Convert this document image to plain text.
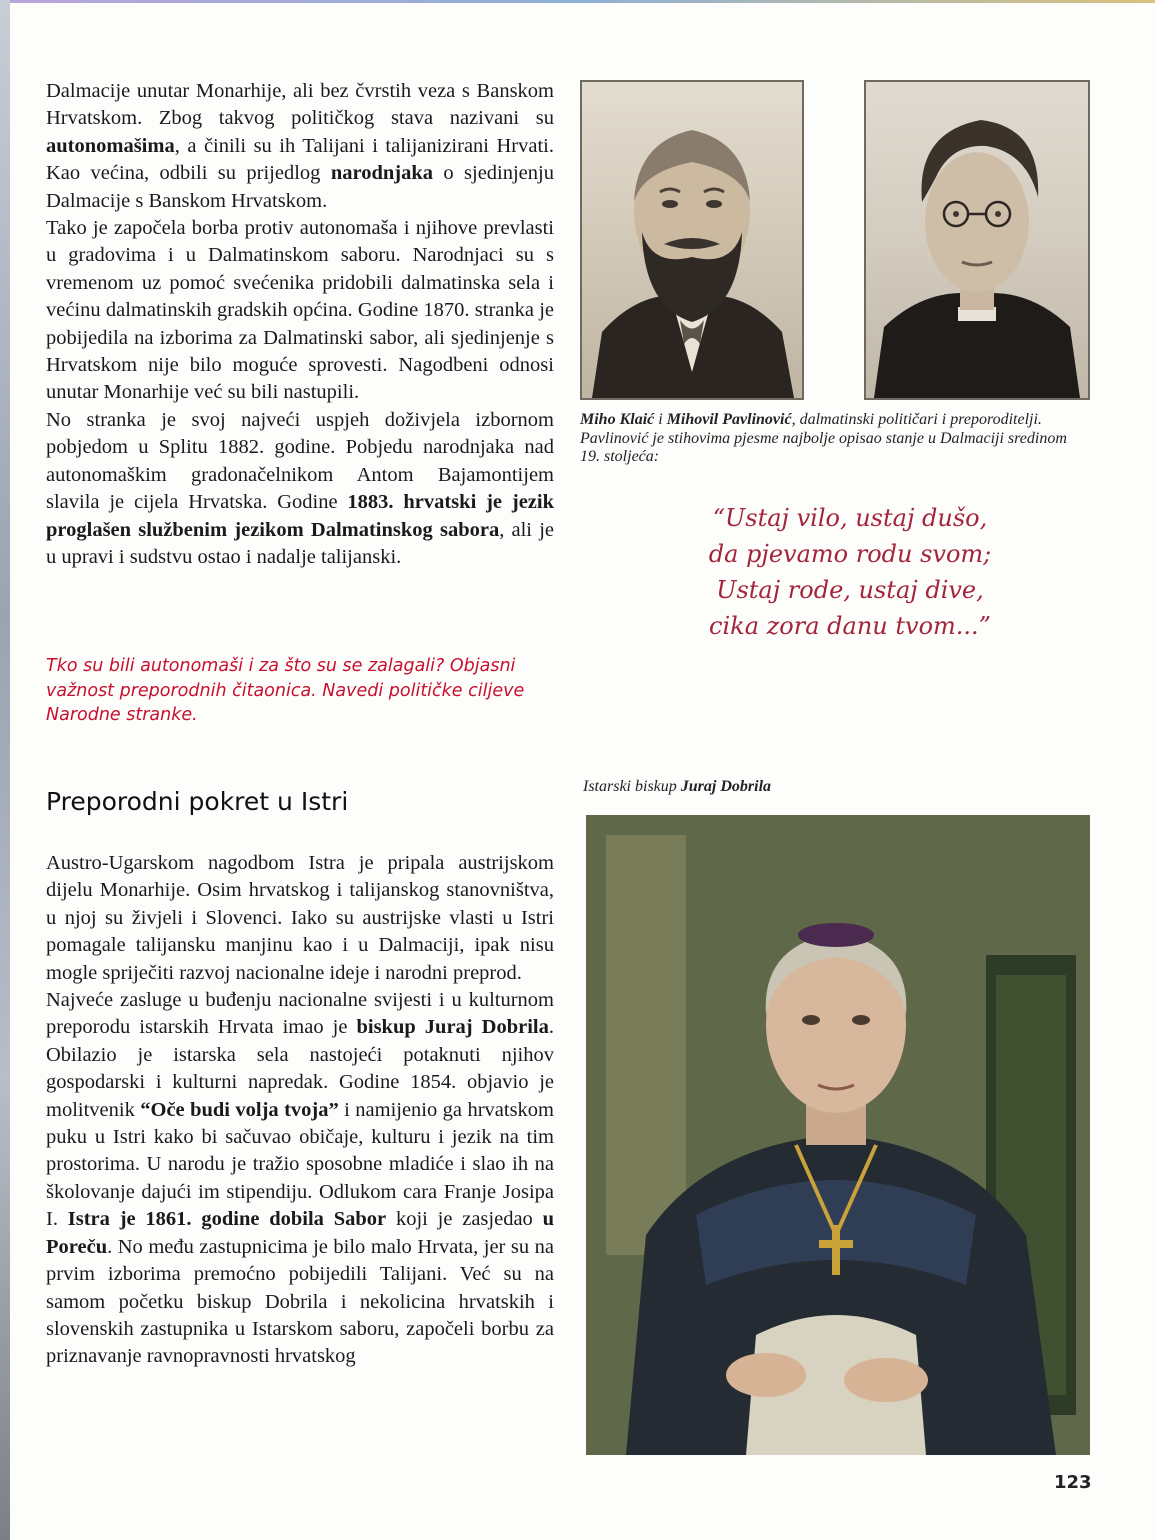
Dalmacije unutar Monarhije, ali bez čvrstih veza s Banskom Hrvatskom. Zbog takvog političkog stava nazivani su autonomašima, a činili su ih Talijani i talijanizirani Hrvati. Kao većina, odbili su prijedlog narodnjaka o sjedinjenju Dalmacije s Banskom Hrvatskom.

Tako je započela borba protiv autonomaša i njihove prevlasti u gradovima i u Dalmatinskom saboru. Narodnjaci su s vremenom uz pomoć svećenika pridobili dalmatinska sela i većinu dalmatinskih gradskih općina. Godine 1870. stranka je pobijedila na izborima za Dalmatinski sabor, ali sjedinjenje s Hrvatskom nije bilo moguće sprovesti. Nagodbeni odnosi unutar Monarhije već su bili nastupili.

No stranka je svoj najveći uspjeh doživjela izbornom pobjedom u Splitu 1882. godine. Pobjedu narodnjaka nad autonomaškim gradonačelnikom Antom Bajamontijem slavila je cijela Hrvatska. Godine 1883. hrvatski je jezik proglašen službenim jezikom Dalmatinskog sabora, ali je u upravi i sudstvu ostao i nadalje talijanski.

Tko su bili autonomaši i za što su se zalagali? Objasni važnost preporodnih čitaonica. Navedi političke ciljeve Narodne stranke.

Preporodni pokret u Istri

Austro-Ugarskom nagodbom Istra je pripala austrijskom dijelu Monarhije. Osim hrvatskog i talijanskog stanovništva, u njoj su živjeli i Slovenci. Iako su austrijske vlasti u Istri pomagale talijansku manjinu kao i u Dalmaciji, ipak nisu mogle spriječiti razvoj nacionalne ideje i narodni preprod.

Najveće zasluge u buđenju nacionalne svijesti i u kulturnom preporodu istarskih Hrvata imao je biskup Juraj Dobrila. Obilazio je istarska sela nastojeći potaknuti njihov gospodarski i kulturni napredak. Godine 1854. objavio je molitvenik “Oče budi volja tvoja” i namijenio ga hrvatskom puku u Istri kako bi sačuvao običaje, kulturu i jezik na tim prostorima. U narodu je tražio sposobne mladiće i slao ih na školovanje dajući im stipendiju. Odlukom cara Franje Josipa I. Istra je 1861. godine dobila Sabor koji je zasjedao u Poreču. No među zastupnicima je bilo malo Hrvata, jer su na prvim izborima premoćno pobijedili Talijani. Već su na samom početku biskup Dobrila i nekolicina hrvatskih i slovenskih zastupnika u Istarskom saboru, započeli borbu za priznavanje ravnopravnosti hrvatskog

Miho Klaić i Mihovil Pavlinović, dalmatinski političari i preporoditelji. Pavlinović je stihovima pjesme najbolje opisao stanje u Dalmaciji sredinom 19. stoljeća:

“Ustaj vilo, ustaj dušo,
da pjevamo rodu svom;
Ustaj rode, ustaj dive,
cika zora danu tvom...”

Istarski biskup Juraj Dobrila

123
